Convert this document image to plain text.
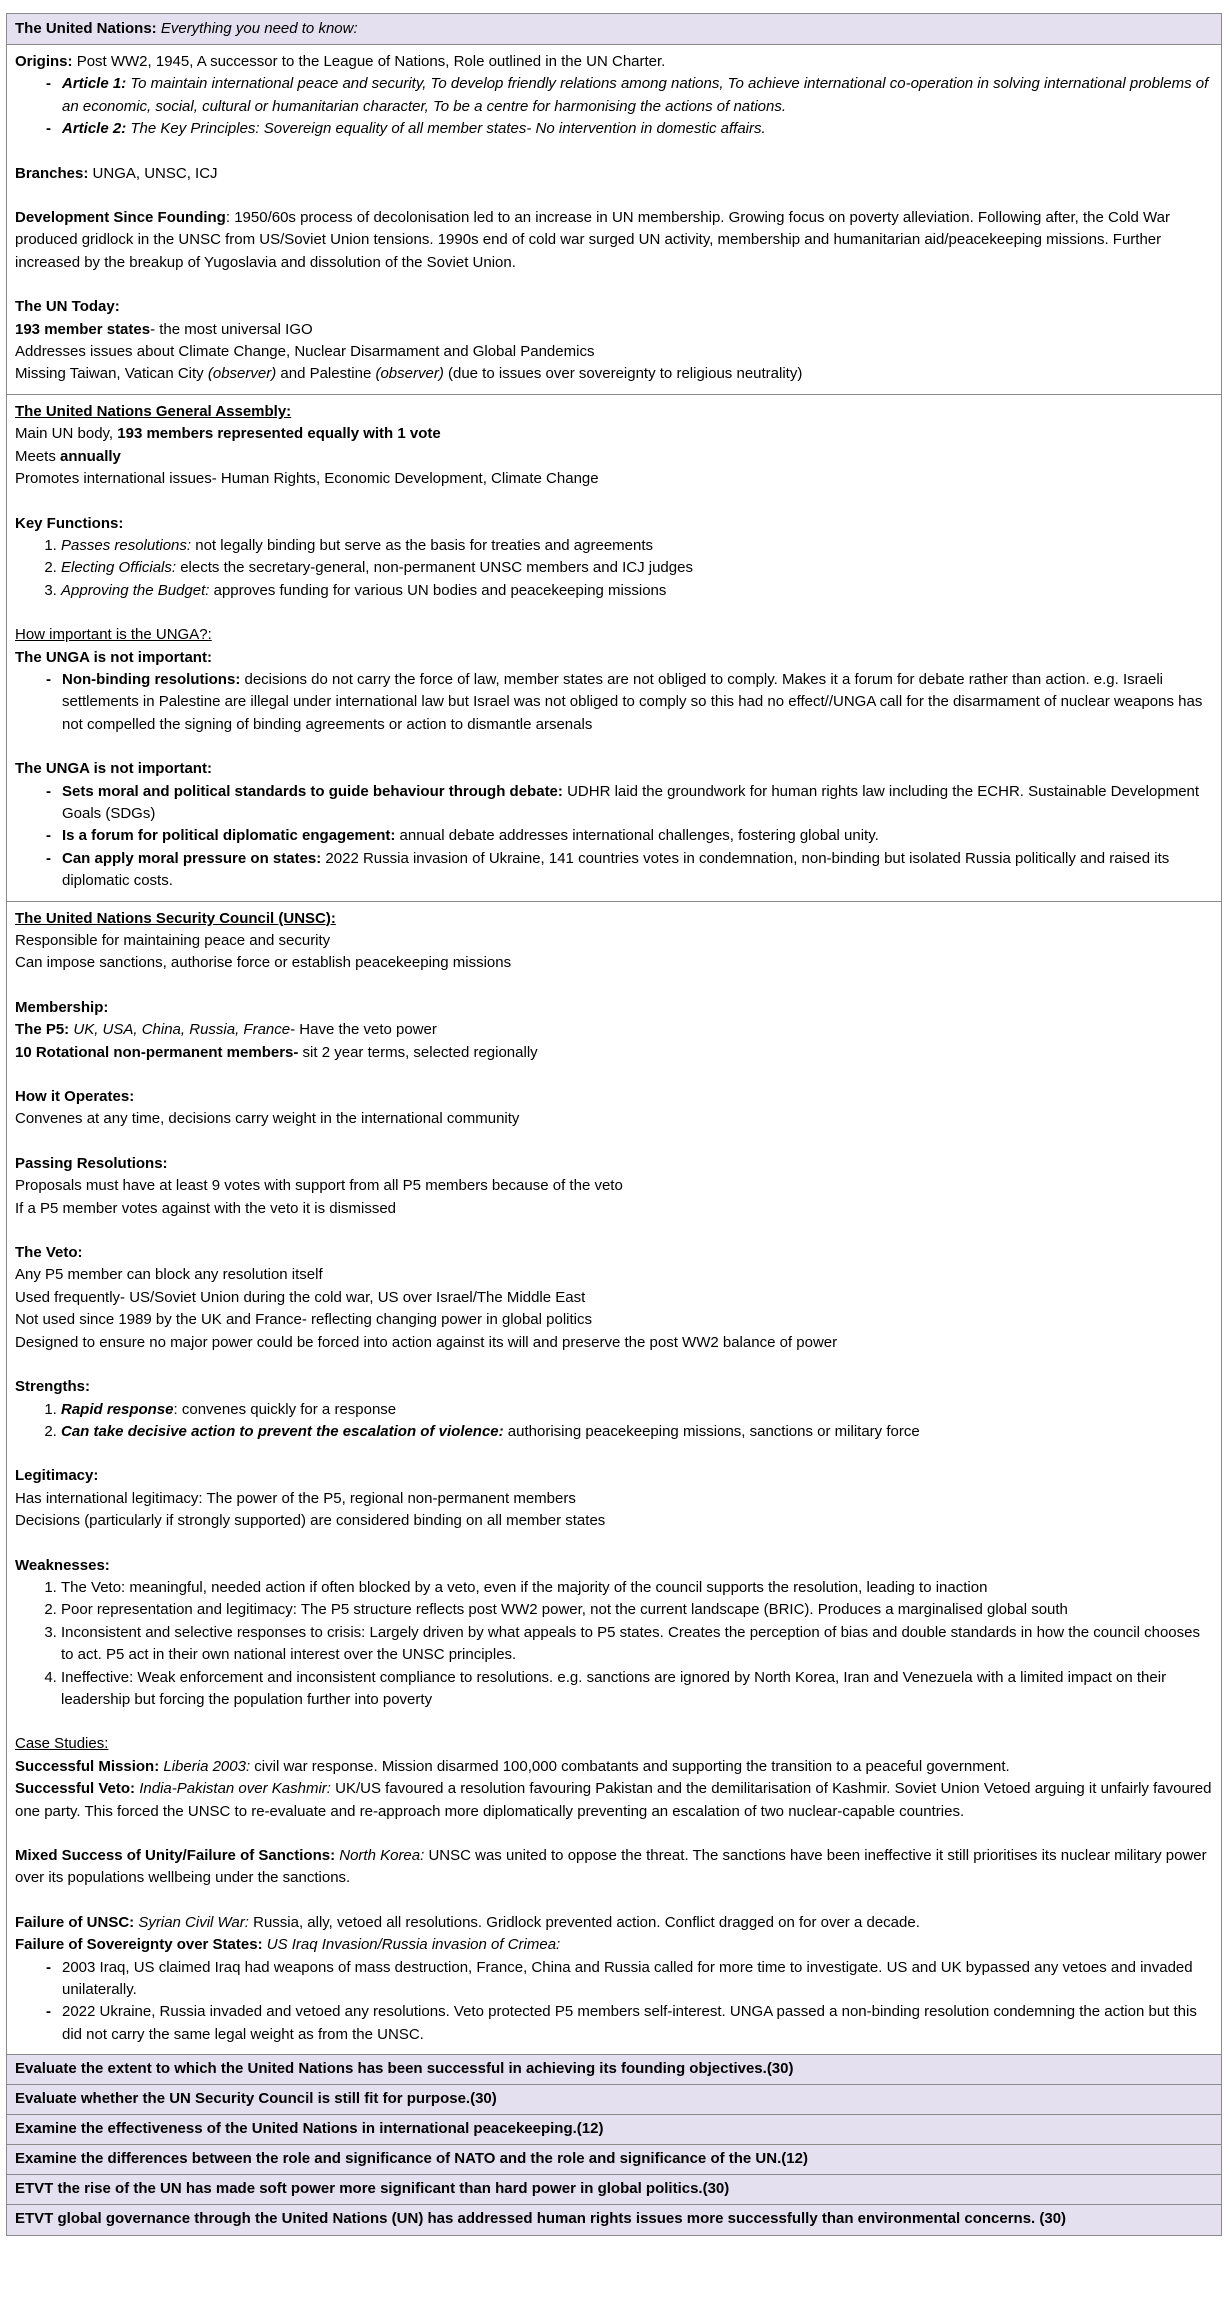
The United Nations: Everything you need to know:

Origins: Post WW2, 1945, A successor to the League of Nations, Role outlined in the UN Charter.

- Article 1: To maintain international peace and security, To develop friendly relations among nations, To achieve international co-operation in solving international problems of an economic, social, cultural or humanitarian character, To be a centre for harmonising the actions of nations.
- Article 2: The Key Principles: Sovereign equality of all member states- No intervention in domestic affairs.

Branches: UNGA, UNSC, ICJ

Development Since Founding: 1950/60s process of decolonisation led to an increase in UN membership. Growing focus on poverty alleviation. Following after, the Cold War produced gridlock in the UNSC from US/Soviet Union tensions. 1990s end of cold war surged UN activity, membership and humanitarian aid/peacekeeping missions. Further increased by the breakup of Yugoslavia and dissolution of the Soviet Union.

The UN Today:

193 member states- the most universal IGO

Addresses issues about Climate Change, Nuclear Disarmament and Global Pandemics

Missing Taiwan, Vatican City (observer) and Palestine (observer) (due to issues over sovereignty to religious neutrality)

The United Nations General Assembly:

Main UN body, 193 members represented equally with 1 vote

Meets annually

Promotes international issues- Human Rights, Economic Development, Climate Change

Key Functions:

1. Passes resolutions: not legally binding but serve as the basis for treaties and agreements
2. Electing Officials: elects the secretary-general, non-permanent UNSC members and ICJ judges
3. Approving the Budget: approves funding for various UN bodies and peacekeeping missions

How important is the UNGA?:

The UNGA is not important:

- Non-binding resolutions: decisions do not carry the force of law, member states are not obliged to comply. Makes it a forum for debate rather than action. e.g. Israeli settlements in Palestine are illegal under international law but Israel was not obliged to comply so this had no effect//UNGA call for the disarmament of nuclear weapons has not compelled the signing of binding agreements or action to dismantle arsenals

The UNGA is not important:

- Sets moral and political standards to guide behaviour through debate: UDHR laid the groundwork for human rights law including the ECHR. Sustainable Development Goals (SDGs)
- Is a forum for political diplomatic engagement: annual debate addresses international challenges, fostering global unity.
- Can apply moral pressure on states: 2022 Russia invasion of Ukraine, 141 countries votes in condemnation, non-binding but isolated Russia politically and raised its diplomatic costs.

The United Nations Security Council (UNSC):

Responsible for maintaining peace and security

Can impose sanctions, authorise force or establish peacekeeping missions

Membership:

The P5: UK, USA, China, Russia, France- Have the veto power

10 Rotational non-permanent members- sit 2 year terms, selected regionally

How it Operates:

Convenes at any time, decisions carry weight in the international community

Passing Resolutions:

Proposals must have at least 9 votes with support from all P5 members because of the veto

If a P5 member votes against with the veto it is dismissed

The Veto:

Any P5 member can block any resolution itself

Used frequently- US/Soviet Union during the cold war, US over Israel/The Middle East

Not used since 1989 by the UK and France- reflecting changing power in global politics

Designed to ensure no major power could be forced into action against its will and preserve the post WW2 balance of power

Strengths:

1. Rapid response: convenes quickly for a response
2. Can take decisive action to prevent the escalation of violence: authorising peacekeeping missions, sanctions or military force

Legitimacy:

Has international legitimacy: The power of the P5, regional non-permanent members

Decisions (particularly if strongly supported) are considered binding on all member states

Weaknesses:

1. The Veto: meaningful, needed action if often blocked by a veto, even if the majority of the council supports the resolution, leading to inaction
2. Poor representation and legitimacy: The P5 structure reflects post WW2 power, not the current landscape (BRIC). Produces a marginalised global south
3. Inconsistent and selective responses to crisis: Largely driven by what appeals to P5 states. Creates the perception of bias and double standards in how the council chooses to act. P5 act in their own national interest over the UNSC principles.
4. Ineffective: Weak enforcement and inconsistent compliance to resolutions. e.g. sanctions are ignored by North Korea, Iran and Venezuela with a limited impact on their leadership but forcing the population further into poverty

Case Studies:

Successful Mission: Liberia 2003: civil war response. Mission disarmed 100,000 combatants and supporting the transition to a peaceful government.

Successful Veto: India-Pakistan over Kashmir: UK/US favoured a resolution favouring Pakistan and the demilitarisation of Kashmir. Soviet Union Vetoed arguing it unfairly favoured one party. This forced the UNSC to re-evaluate and re-approach more diplomatically preventing an escalation of two nuclear-capable countries.

Mixed Success of Unity/Failure of Sanctions: North Korea: UNSC was united to oppose the threat. The sanctions have been ineffective it still prioritises its nuclear military power over its populations wellbeing under the sanctions.

Failure of UNSC: Syrian Civil War: Russia, ally, vetoed all resolutions. Gridlock prevented action. Conflict dragged on for over a decade.

Failure of Sovereignty over States: US Iraq Invasion/Russia invasion of Crimea:

- 2003 Iraq, US claimed Iraq had weapons of mass destruction, France, China and Russia called for more time to investigate. US and UK bypassed any vetoes and invaded unilaterally.
- 2022 Ukraine, Russia invaded and vetoed any resolutions. Veto protected P5 members self-interest. UNGA passed a non-binding resolution condemning the action but this did not carry the same legal weight as from the UNSC.
Evaluate the extent to which the United Nations has been successful in achieving its founding objectives.(30)
Evaluate whether the UN Security Council is still fit for purpose.(30)
Examine the effectiveness of the United Nations in international peacekeeping.(12)
Examine the differences between the role and significance of NATO and the role and significance of the UN.(12)
ETVT the rise of the UN has made soft power more significant than hard power in global politics.(30)
ETVT global governance through the United Nations (UN) has addressed human rights issues more successfully than environmental concerns. (30)
